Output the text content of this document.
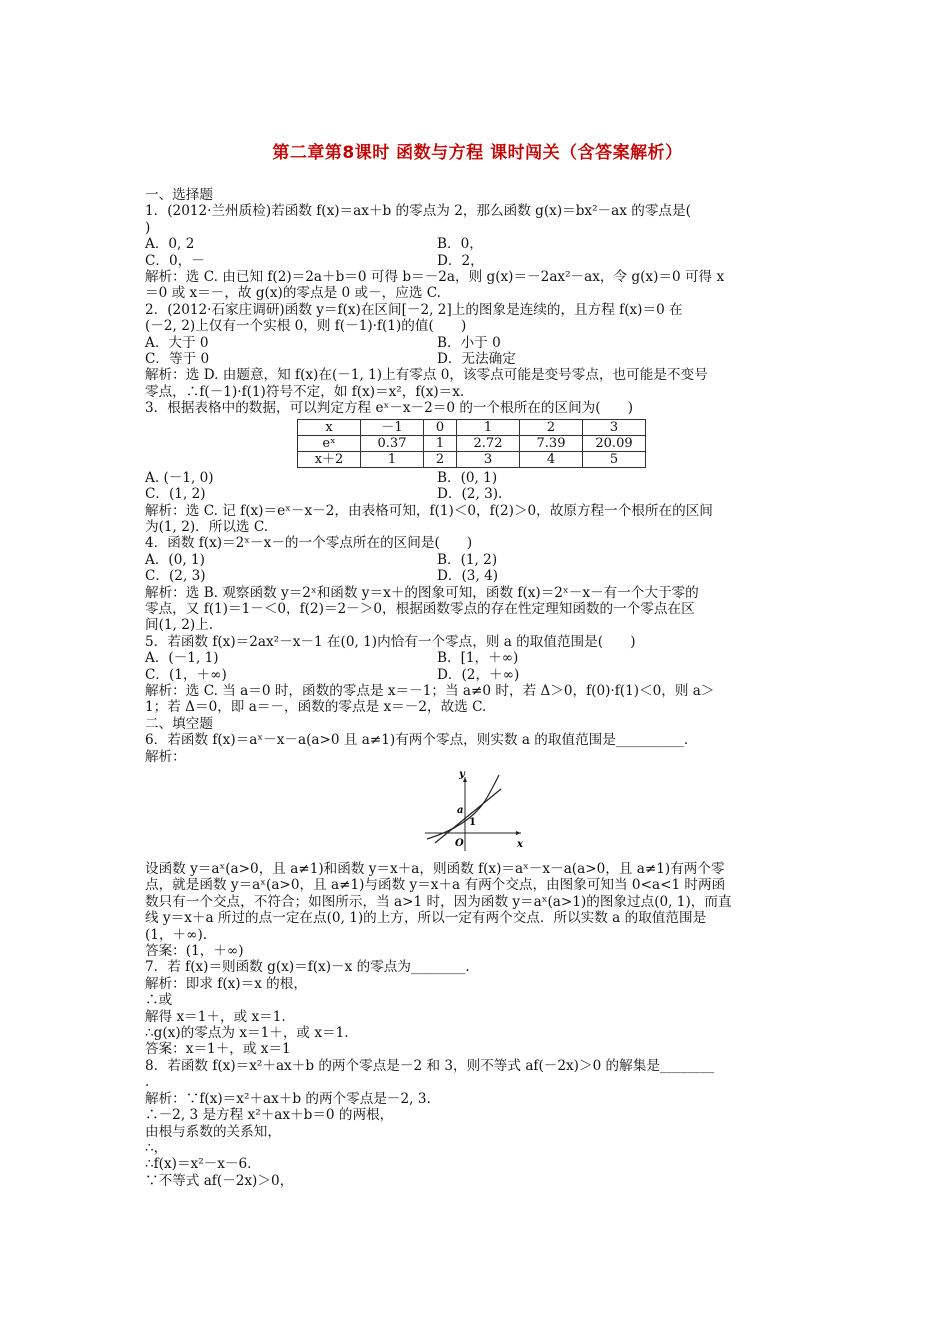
第二章第8课时 函数与方程 课时闯关（含答案解析）
一、选择题
1．(2012·兰州质检)若函数 f(x)＝ax＋b 的零点为 2，那么函数 g(x)＝bx²－ax 的零点是(
)
A．0, 2	B．0，
C．0，－	D．2，
解析：选 C. 由已知 f(2)＝2a＋b＝0 可得 b＝－2a，则 g(x)＝－2ax²－ax，令 g(x)＝0 可得 x
＝0 或 x＝－，故 g(x)的零点是 0 或－，应选 C.
2．(2012·石家庄调研)函数 y＝f(x)在区间[－2, 2]上的图象是连续的，且方程 f(x)＝0 在
(－2, 2)上仅有一个实根 0，则 f(－1)·f(1)的值(　　)
A．大于 0	B．小于 0
C．等于 0	D．无法确定
解析：选 D. 由题意，知 f(x)在(－1, 1)上有零点 0，该零点可能是变号零点，也可能是不变号
零点，∴f(－1)·f(1)符号不定，如 f(x)＝x²，f(x)＝x.
3．根据表格中的数据，可以判定方程 eˣ－x－2＝0 的一个根所在的区间为(　　)
x	－1	0	1	2	3
eˣ	0.37	1	2.72	7.39	20.09
x＋2	1	2	3	4	5
A. (－1, 0)	B．(0, 1)
C．(1, 2)	D．(2, 3).
解析：选 C. 记 f(x)＝eˣ－x－2，由表格可知，f(1)＜0，f(2)＞0，故原方程一个根所在的区间
为(1, 2)．所以选 C.
4．函数 f(x)＝2ˣ－x－的一个零点所在的区间是(　　)
A．(0, 1)	B．(1, 2)
C．(2, 3)	D．(3, 4)
解析：选 B. 观察函数 y＝2ˣ和函数 y＝x＋的图象可知，函数 f(x)＝2ˣ－x－有一个大于零的
零点，又 f(1)＝1－＜0，f(2)＝2－＞0，根据函数零点的存在性定理知函数的一个零点在区
间(1, 2)上.
5．若函数 f(x)＝2ax²－x－1 在(0, 1)内恰有一个零点，则 a 的取值范围是(　　)
A．(－1, 1)	B．[1，＋∞)
C．(1，＋∞)	D．(2，＋∞)
解析：选 C. 当 a＝0 时，函数的零点是 x＝－1；当 a≠0 时，若 Δ＞0，f(0)·f(1)＜0，则 a＞
1；若 Δ＝0，即 a＝－，函数的零点是 x＝－2，故选 C.
二、填空题
6．若函数 f(x)＝aˣ－x－a(a>0 且 a≠1)有两个零点，则实数 a 的取值范围是__________.
解析：
y
x
O
a
1
设函数 y＝aˣ(a>0，且 a≠1)和函数 y＝x＋a，则函数 f(x)＝aˣ－x－a(a>0，且 a≠1)有两个零
点，就是函数 y＝aˣ(a>0，且 a≠1)与函数 y＝x＋a 有两个交点，由图象可知当 0<a<1 时两函
数只有一个交点，不符合；如图所示，当 a>1 时，因为函数 y＝aˣ(a>1)的图象过点(0, 1)，而直
线 y＝x＋a 所过的点一定在点(0, 1)的上方，所以一定有两个交点．所以实数 a 的取值范围是
(1，＋∞).
答案：(1，＋∞)
7．若 f(x)＝则函数 g(x)＝f(x)－x 的零点为________.
解析：即求 f(x)＝x 的根，
∴或
解得 x＝1＋，或 x＝1.
∴g(x)的零点为 x＝1＋，或 x＝1.
答案：x＝1＋，或 x＝1
8．若函数 f(x)＝x²＋ax＋b 的两个零点是－2 和 3，则不等式 af(－2x)＞0 的解集是________
．
解析：∵f(x)＝x²＋ax＋b 的两个零点是－2, 3.
∴－2, 3 是方程 x²＋ax＋b＝0 的两根，
由根与系数的关系知，
∴，
∴f(x)＝x²－x－6.
∵不等式 af(－2x)＞0，
